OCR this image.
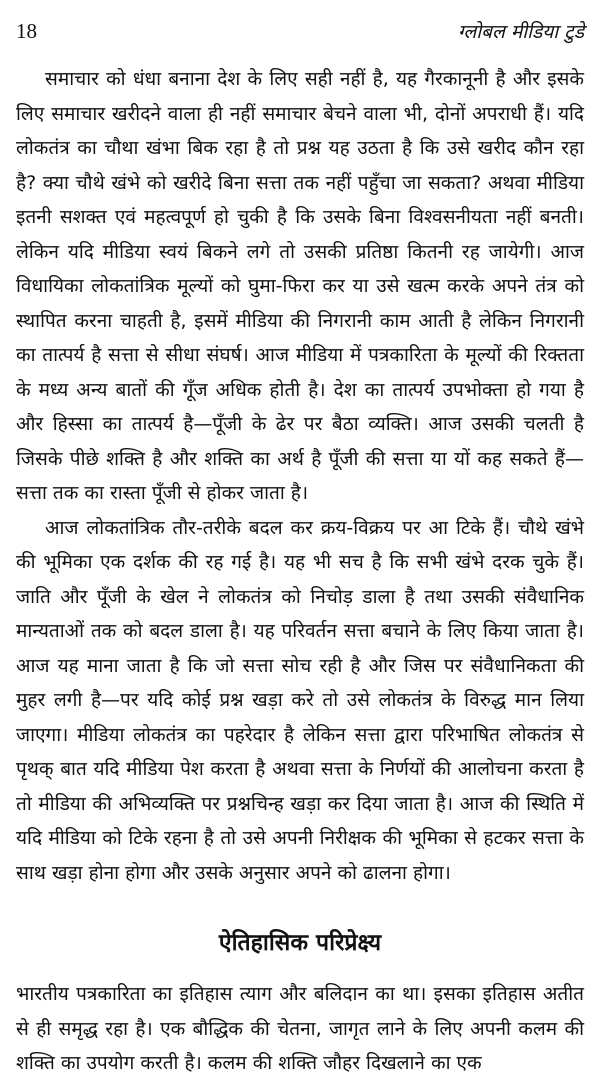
18	ग्लोबल मीडिया टुडे

समाचार को धंधा बनाना देश के लिए सही नहीं है, यह गैरकानूनी है और इसके लिए समाचार खरीदने वाला ही नहीं समाचार बेचने वाला भी, दोनों अपराधी हैं। यदि लोकतंत्र का चौथा खंभा बिक रहा है तो प्रश्न यह उठता है कि उसे खरीद कौन रहा है? क्या चौथे खंभे को खरीदे बिना सत्ता तक नहीं पहुँचा जा सकता? अथवा मीडिया इतनी सशक्त एवं महत्वपूर्ण हो चुकी है कि उसके बिना विश्वसनीयता नहीं बनती। लेकिन यदि मीडिया स्वयं बिकने लगे तो उसकी प्रतिष्ठा कितनी रह जायेगी। आज विधायिका लोकतांत्रिक मूल्यों को घुमा-फिरा कर या उसे खत्म करके अपने तंत्र को स्थापित करना चाहती है, इसमें मीडिया की निगरानी काम आती है लेकिन निगरानी का तात्पर्य है सत्ता से सीधा संघर्ष। आज मीडिया में पत्रकारिता के मूल्यों की रिक्तता के मध्य अन्य बातों की गूँज अधिक होती है। देश का तात्पर्य उपभोक्ता हो गया है और हिस्सा का तात्पर्य है—पूँजी के ढेर पर बैठा व्यक्ति। आज उसकी चलती है जिसके पीछे शक्ति है और शक्ति का अर्थ है पूँजी की सत्ता या यों कह सकते हैं—सत्ता तक का रास्ता पूँजी से होकर जाता है।

आज लोकतांत्रिक तौर-तरीके बदल कर क्रय-विक्रय पर आ टिके हैं। चौथे खंभे की भूमिका एक दर्शक की रह गई है। यह भी सच है कि सभी खंभे दरक चुके हैं। जाति और पूँजी के खेल ने लोकतंत्र को निचोड़ डाला है तथा उसकी संवैधानिक मान्यताओं तक को बदल डाला है। यह परिवर्तन सत्ता बचाने के लिए किया जाता है। आज यह माना जाता है कि जो सत्ता सोच रही है और जिस पर संवैधानिकता की मुहर लगी है—पर यदि कोई प्रश्न खड़ा करे तो उसे लोकतंत्र के विरुद्ध मान लिया जाएगा। मीडिया लोकतंत्र का पहरेदार है लेकिन सत्ता द्वारा परिभाषित लोकतंत्र से पृथक् बात यदि मीडिया पेश करता है अथवा सत्ता के निर्णयों की आलोचना करता है तो मीडिया की अभिव्यक्ति पर प्रश्नचिन्ह खड़ा कर दिया जाता है। आज की स्थिति में यदि मीडिया को टिके रहना है तो उसे अपनी निरीक्षक की भूमिका से हटकर सत्ता के साथ खड़ा होना होगा और उसके अनुसार अपने को ढालना होगा।

ऐतिहासिक परिप्रेक्ष्य

भारतीय पत्रकारिता का इतिहास त्याग और बलिदान का था। इसका इतिहास अतीत से ही समृद्ध रहा है। एक बौद्धिक की चेतना, जागृत लाने के लिए अपनी कलम की शक्ति का उपयोग करती है। कलम की शक्ति जौहर दिखलाने का एक
